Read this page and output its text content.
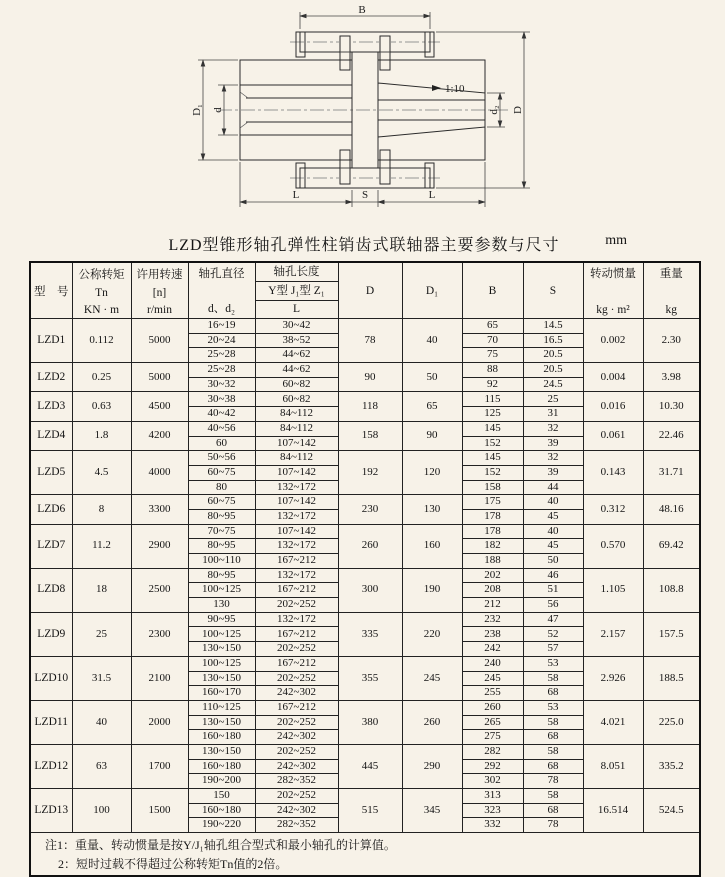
1:10
B
D
d₂
D₁ d
L	S	L
LZD型锥形轴孔弹性柱销齿式联轴器主要参数与尺寸	mm
型　号	
公称转矩
Tn
KN · m

许用转速
[n]
r/min

轴孔直径
d、d₂

轴孔长度
Y型 J₁型 Z₁
L
	D	D₁	B	S	
转动惯量
kg · m²

重量
kg

LZD1	0.112	5000	16~19	30~42	78	40	65	14.5	0.002	2.30
			20~24	38~52			70	16.5		
			25~28	44~62			75	20.5		
LZD2	0.25	5000	25~28	44~62	90	50	88	20.5	0.004	3.98
			30~32	60~82			92	24.5		
LZD3	0.63	4500	30~38	60~82	118	65	115	25	0.016	10.30
			40~42	84~112			125	31		
LZD4	1.8	4200	40~56	84~112	158	90	145	32	0.061	22.46
			60	107~142			152	39		
LZD5	4.5	4000	50~56	84~112	192	120	145	32	0.143	31.71
			60~75	107~142			152	39		
			80	132~172			158	44		
LZD6	8	3300	60~75	107~142	230	130	175	40	0.312	48.16
			80~95	132~172			178	45		
LZD7	11.2	2900	70~75	107~142	260	160	178	40	0.570	69.42
			80~95	132~172			182	45		
			100~110	167~212			188	50		
LZD8	18	2500	80~95	132~172	300	190	202	46	1.105	108.8
			100~125	167~212			208	51		
			130	202~252			212	56		
LZD9	25	2300	90~95	132~172	335	220	232	47	2.157	157.5
			100~125	167~212			238	52		
			130~150	202~252			242	57		
LZD10	31.5	2100	100~125	167~212	355	245	240	53	2.926	188.5
			130~150	202~252			245	58		
			160~170	242~302			255	68		
LZD11	40	2000	110~125	167~212	380	260	260	53	4.021	225.0
			130~150	202~252			265	58		
			160~180	242~302			275	68		
LZD12	63	1700	130~150	202~252	445	290	282	58	8.051	335.2
			160~180	242~302			292	68		
			190~200	282~352			302	78		
LZD13	100	1500	150	202~252	515	345	313	58	16.514	524.5
			160~180	242~302			323	68		
			190~220	282~352			332	78		

注1：重量、转动惯量是按Y/J₁轴孔组合型式和最小轴孔的计算值。
2：短时过载不得超过公称转矩Tn值的2倍。										
